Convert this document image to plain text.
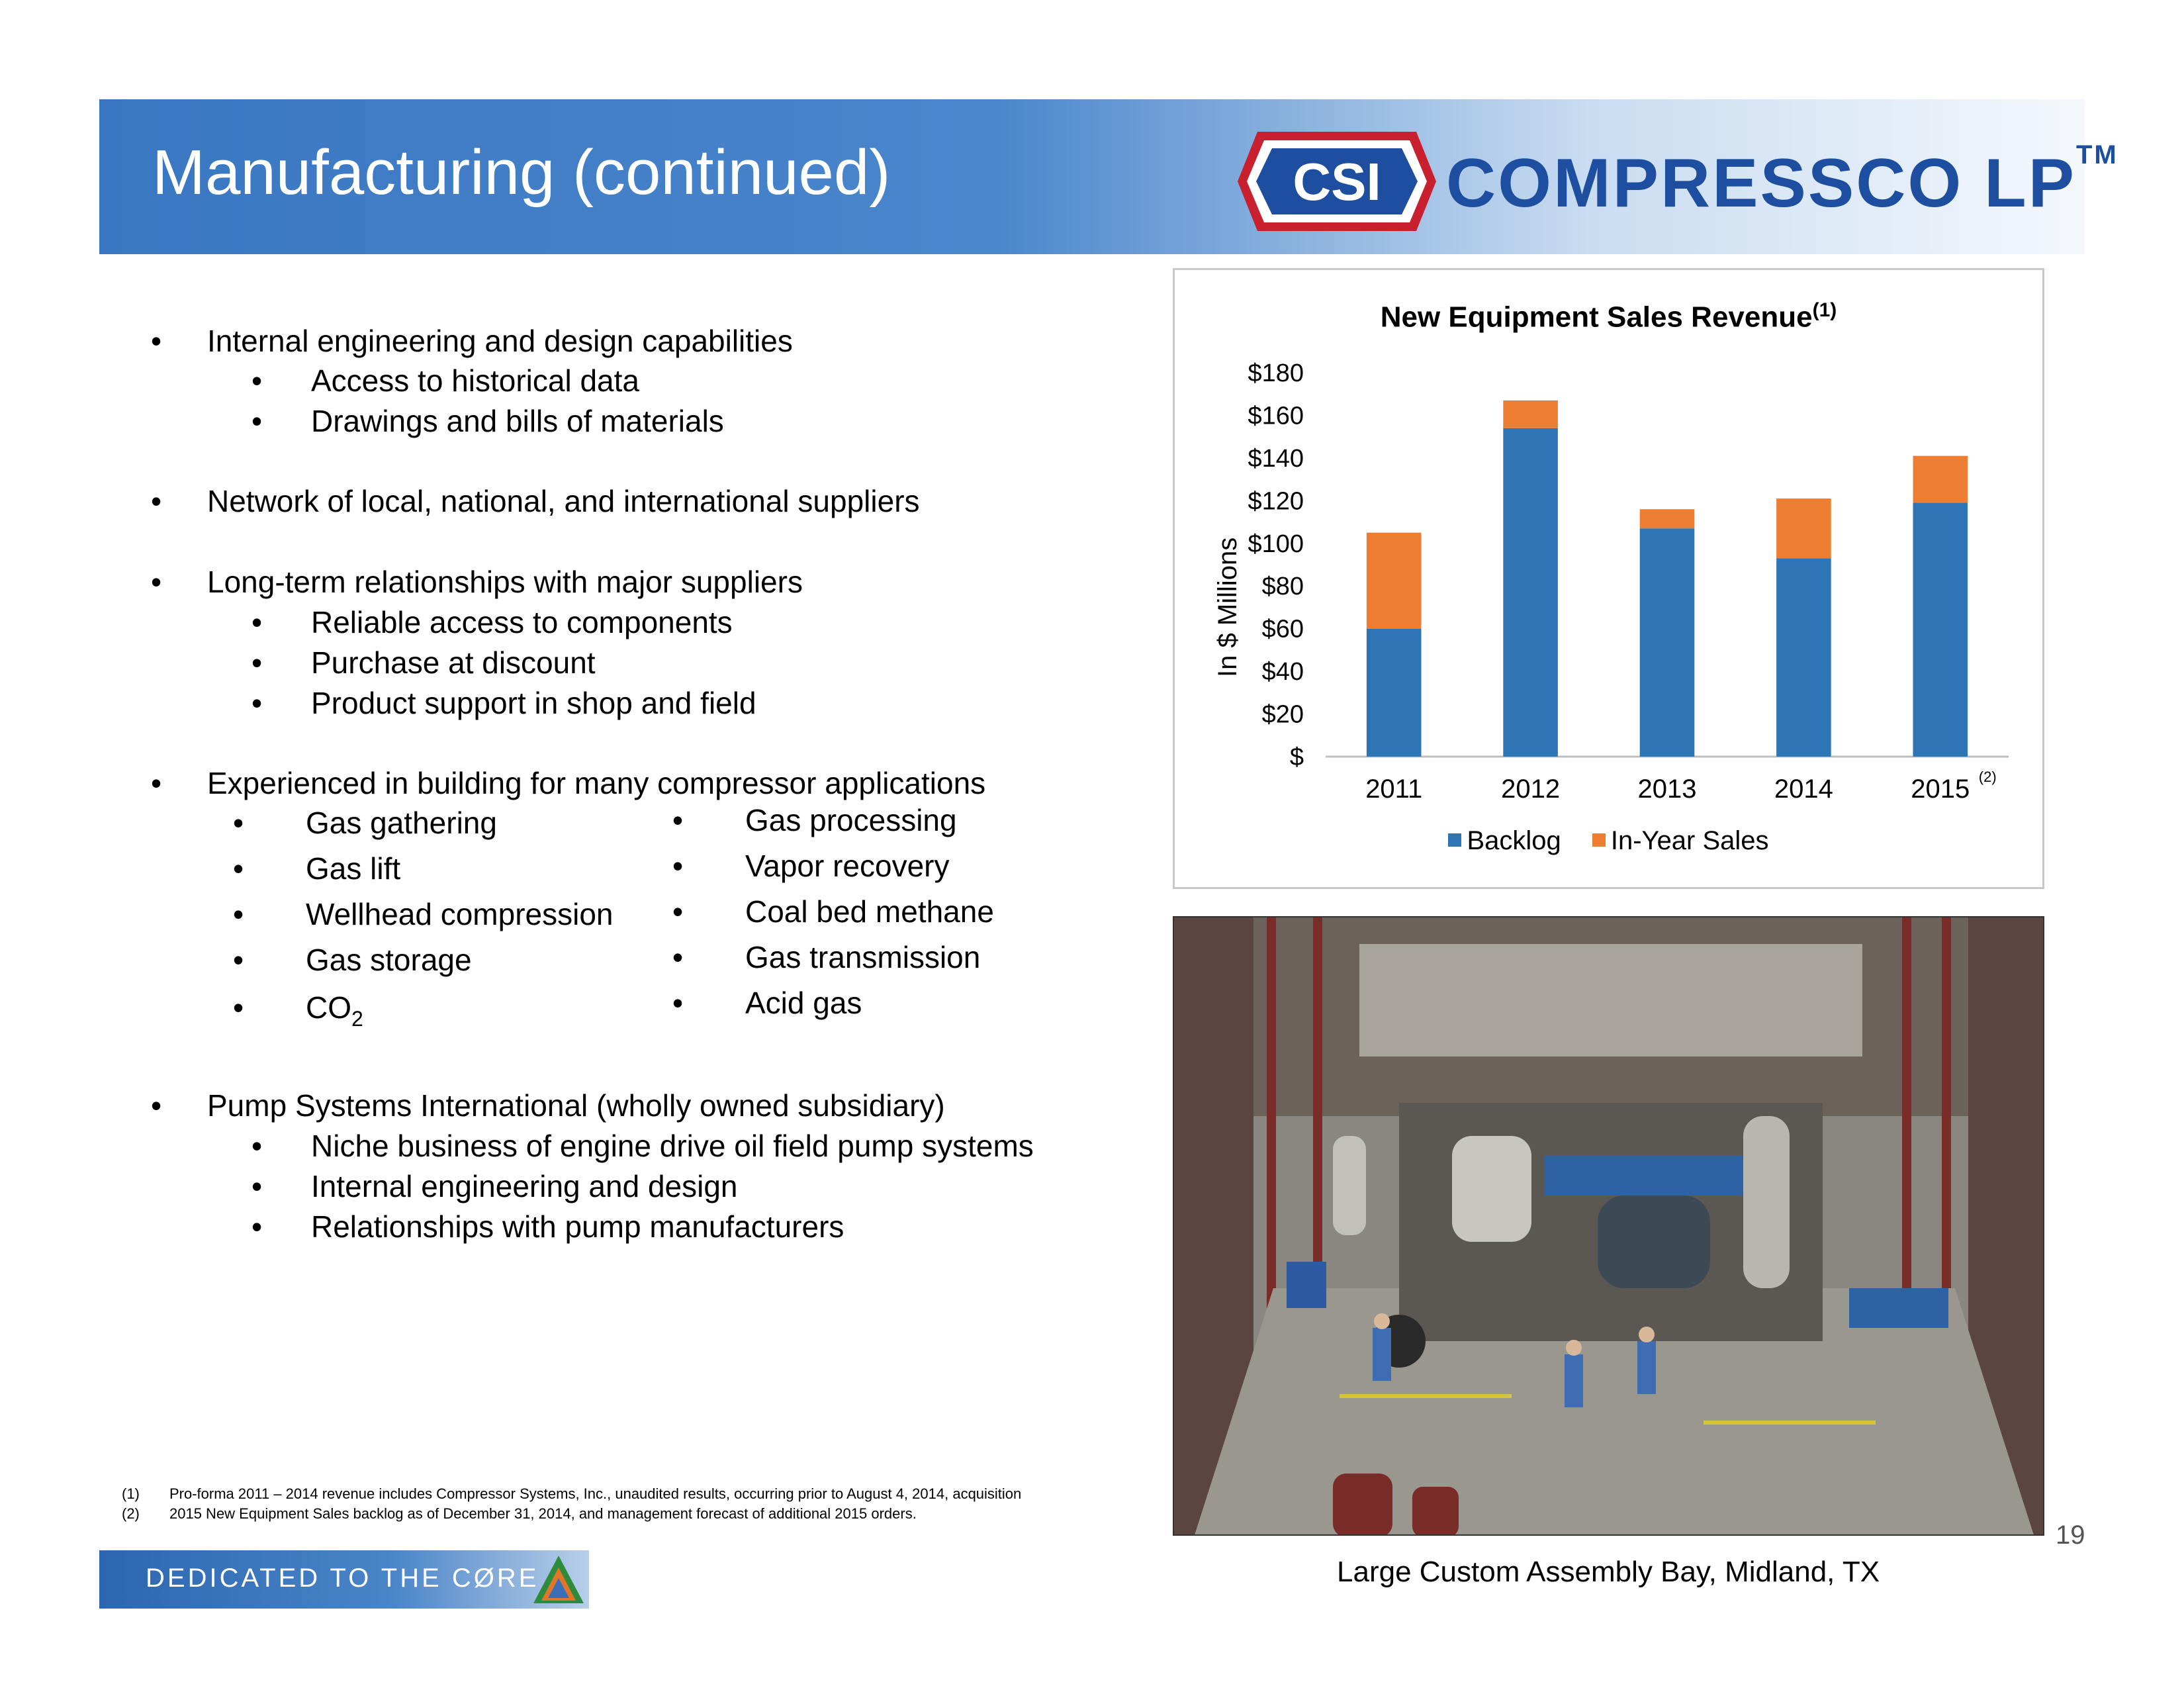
Manufacturing (continued)	CSI COMPRESSCO LP™
• Internal engineering and design capabilities
• Access to historical data
• Drawings and bills of materials
• Network of local, national, and international suppliers
• Long-term relationships with major suppliers
• Reliable access to components
• Purchase at discount
• Product support in shop and field
• Experienced in building for many compressor applications
• Gas gathering
• Gas lift
• Wellhead compression
• Gas storage
• $CO_2$
• Gas processing
• Vapor recovery
• Coal bed methane
• Gas transmission
• Acid gas
• Pump Systems International (wholly owned subsidiary)
• Niche business of engine drive oil field pump systems
• Internal engineering and design
• Relationships with pump manufacturers
New Equipment Sales Revenue$^{(1)}$
In $ Millions
$
$20
$40
$60
$80
$100
$120
$140
$160
$180
2011	2012	2013	2014	2015 (2)
Backlog In-Year Sales
Large Custom Assembly Bay, Midland, TX
(1) Pro-forma 2011 – 2014 revenue includes Compressor Systems, Inc., unaudited results, occurring prior to August 4, 2014, acquisition
(2) 2015 New Equipment Sales backlog as of December 31, 2014, and management forecast of additional 2015 orders.
19
DEDICATED TO THE CØRE
